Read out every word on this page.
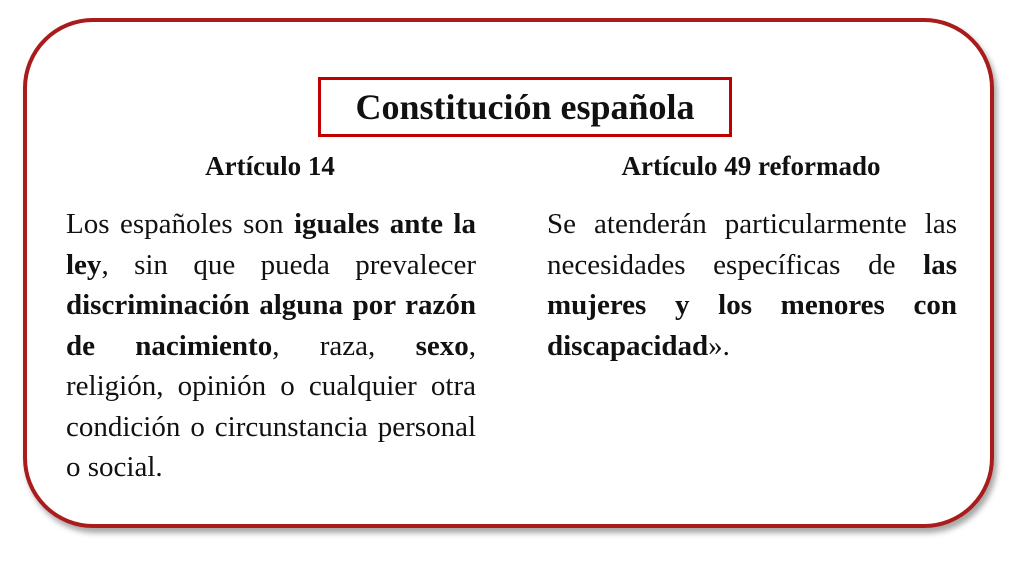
Constitución española
Artículo 14	Artículo 49 reformado
Los españoles son iguales ante la ley, sin que pueda prevalecer discriminación alguna por razón de nacimiento, raza, sexo, religión, opinión o cualquier otra condición o circunstancia personal o social.
Se atenderán particularmente las necesidades específicas de las mujeres y los menores con discapacidad».
